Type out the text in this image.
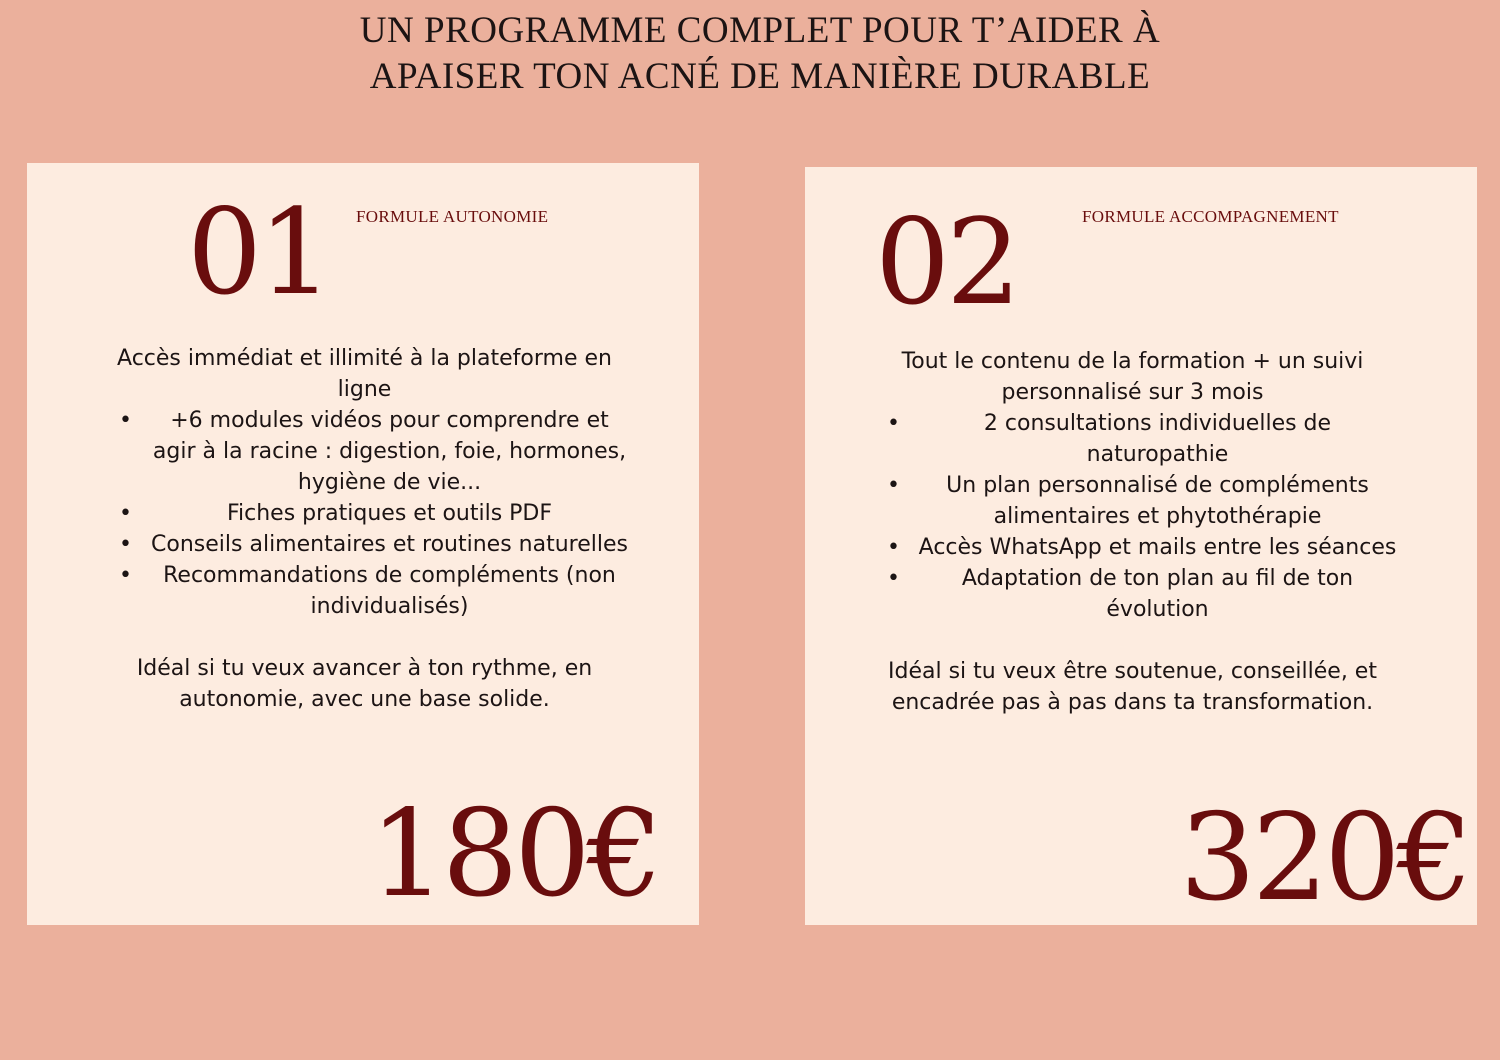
UN PROGRAMME COMPLET POUR T’AIDER À
APAISER TON ACNÉ DE MANIÈRE DURABLE
01 FORMULE AUTONOMIE
Accès immédiat et illimité à la plateforme en ligne
• +6 modules vidéos pour comprendre et agir à la racine : digestion, foie, hormones, hygiène de vie...
• Fiches pratiques et outils PDF
• Conseils alimentaires et routines naturelles
• Recommandations de compléments (non individualisés)
Idéal si tu veux avancer à ton rythme, en autonomie, avec une base solide.
180€
02	FORMULE ACCOMPAGNEMENT
Tout le contenu de la formation + un suivi personnalisé sur 3 mois
• 2 consultations individuelles de naturopathie
• Un plan personnalisé de compléments alimentaires et phytothérapie
• Accès WhatsApp et mails entre les séances
• Adaptation de ton plan au fil de ton évolution
Idéal si tu veux être soutenue, conseillée, et encadrée pas à pas dans ta transformation.
320€
